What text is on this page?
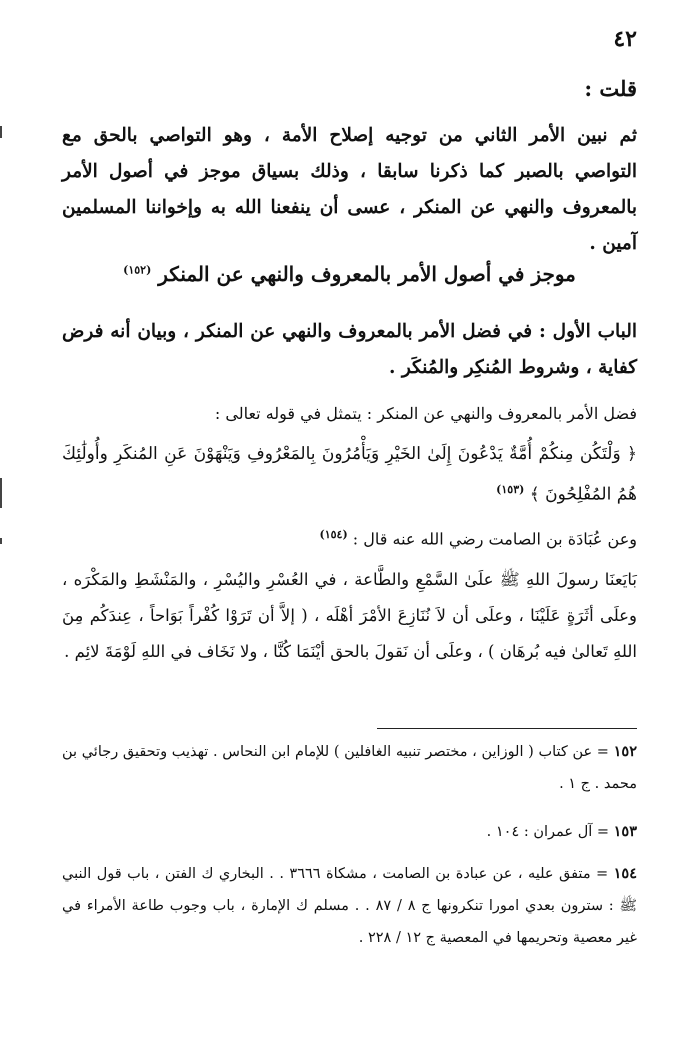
٤٢
قلت :
ثم نبين الأمر الثاني من توجيه إصلاح الأمة ، وهو التواصي بالحق مع التواصي بالصبر كما ذكرنا سابقا ، وذلك بسياق موجز في أصول الأمر بالمعروف والنهي عن المنكر ، عسى أن ينفعنا الله به وإخواننا المسلمين آمين .
موجز في أصول الأمر بالمعروف والنهي عن المنكر $^{(١٥٢)}$
الباب الأول : في فضل الأمر بالمعروف والنهي عن المنكر ، وبيان أنه فرض كفاية ، وشروط المُنكِر والمُنكَر .
فضل الأمر بالمعروف والنهي عن المنكر : يتمثل في قوله تعالى :
﴿ وَلْتَكُن مِنكُمْ أُمَّةٌ يَدْعُونَ إِلَىٰ الخَيْرِ وَيَأْمُرُونَ بِالمَعْرُوفِ وَيَنْهَوْنَ عَنِ المُنكَرِ وأُولَٰئِكَ هُمُ المُفْلِحُونَ ﴾ $^{(١٥٣)}$
وعن عُبَادَة بن الصامت رضي الله عنه قال : $^{(١٥٤)}$
بَايَعنَا رسولَ اللهِ ﷺ علَىٰ السَّمْعِ والطَّاعة ، في العُسْرِ واليُسْرِ ، والمَنْشَطِ والمَكْرَه ، وعلَى أثَرَةٍ عَلَيْنَا ، وعلَى أن لاَ نُنَازِعَ الأمْرَ أهْلَه ، ( إلاَّ أن تَرَوْا كُفْراً بَوَاحاً ، عِندَكُم مِنَ اللهِ تَعالىٰ فيه بُرهَان ) ، وعلَى أن نَقولَ بالحق أيْنَمَا كُنَّا ، ولا نَخَاف في اللهِ لَوْمَةَ لائِم .
١٥٢ = عن كتاب ( الوزاين ، مختصر تنبيه الغافلين ) للإمام ابن النحاس . تهذيب وتحقيق رجائي بن محمد . ج ١ .
١٥٣ = آل عمران : ١٠٤ .
١٥٤ = متفق عليه ، عن عبادة بن الصامت ، مشكاة ٣٦٦٦ . . البخاري ك الفتن ، باب قول النبي ﷺ : سترون بعدي امورا تنكرونها ج ٨ / ٨٧ . . مسلم ك الإمارة ، باب وجوب طاعة الأمراء في غير معصية وتحريمها في المعصية ج ١٢ / ٢٢٨ .
